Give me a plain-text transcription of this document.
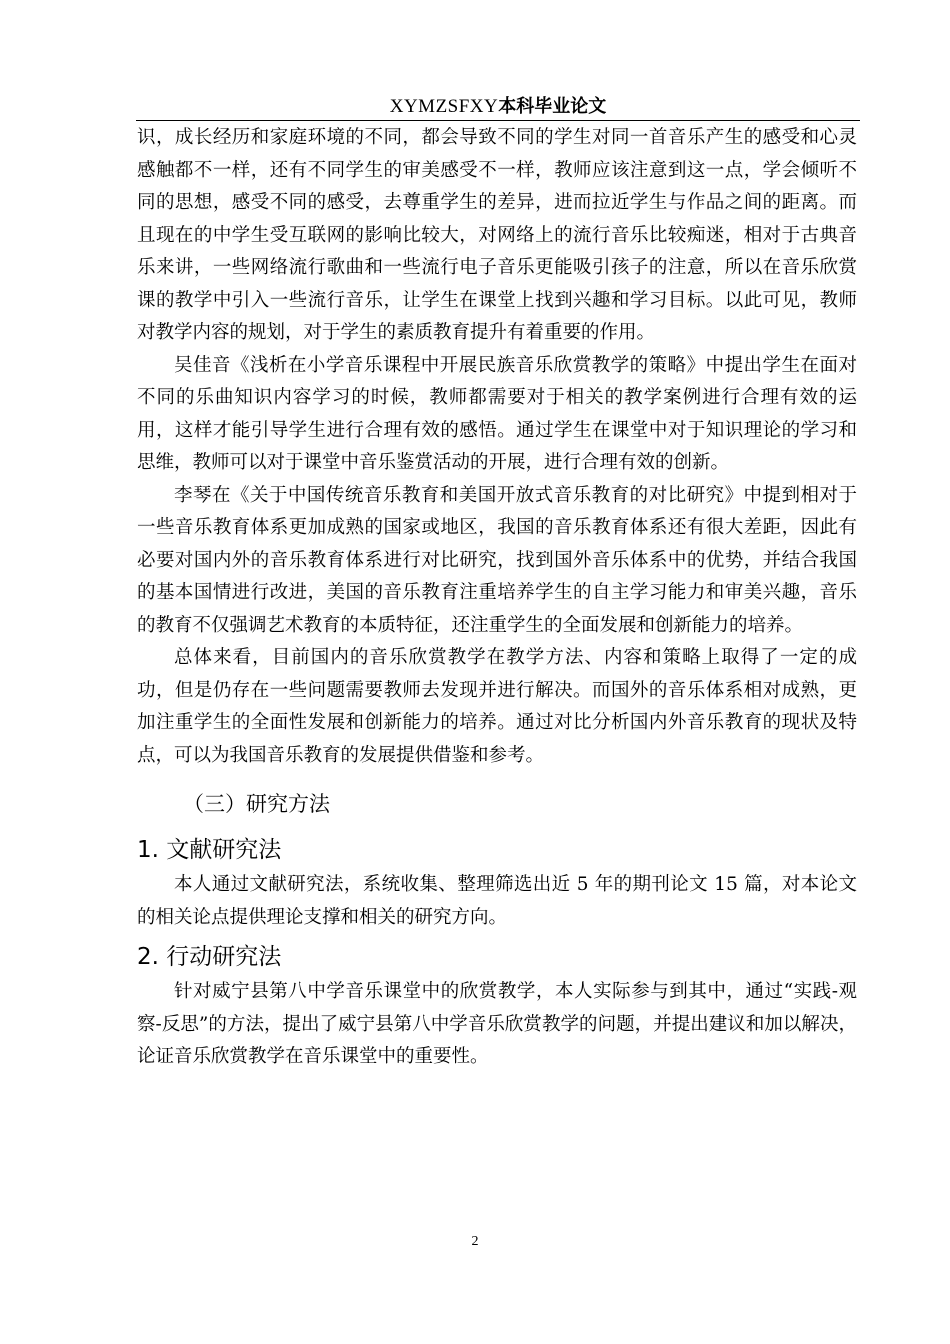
XYMZSFXY本科毕业论文

识，成长经历和家庭环境的不同，都会导致不同的学生对同一首音乐产生的感受和心灵感触都不一样，还有不同学生的审美感受不一样，教师应该注意到这一点，学会倾听不同的思想，感受不同的感受，去尊重学生的差异，进而拉近学生与作品之间的距离。而且现在的中学生受互联网的影响比较大，对网络上的流行音乐比较痴迷，相对于古典音乐来讲，一些网络流行歌曲和一些流行电子音乐更能吸引孩子的注意，所以在音乐欣赏课的教学中引入一些流行音乐，让学生在课堂上找到兴趣和学习目标。以此可见，教师对教学内容的规划，对于学生的素质教育提升有着重要的作用。

吴佳音《浅析在小学音乐课程中开展民族音乐欣赏教学的策略》中提出学生在面对不同的乐曲知识内容学习的时候，教师都需要对于相关的教学案例进行合理有效的运用，这样才能引导学生进行合理有效的感悟。通过学生在课堂中对于知识理论的学习和思维，教师可以对于课堂中音乐鉴赏活动的开展，进行合理有效的创新。

李琴在《关于中国传统音乐教育和美国开放式音乐教育的对比研究》中提到相对于一些音乐教育体系更加成熟的国家或地区，我国的音乐教育体系还有很大差距，因此有必要对国内外的音乐教育体系进行对比研究，找到国外音乐体系中的优势，并结合我国的基本国情进行改进，美国的音乐教育注重培养学生的自主学习能力和审美兴趣，音乐的教育不仅强调艺术教育的本质特征，还注重学生的全面发展和创新能力的培养。

总体来看，目前国内的音乐欣赏教学在教学方法、内容和策略上取得了一定的成功，但是仍存在一些问题需要教师去发现并进行解决。而国外的音乐体系相对成熟，更加注重学生的全面性发展和创新能力的培养。通过对比分析国内外音乐教育的现状及特点，可以为我国音乐教育的发展提供借鉴和参考。

（三）研究方法
1. 文献研究法

本人通过文献研究法，系统收集、整理筛选出近 5 年的期刊论文 15 篇，对本论文的相关论点提供理论支撑和相关的研究方向。

2. 行动研究法

针对威宁县第八中学音乐课堂中的欣赏教学，本人实际参与到其中，通过“实践-观察-反思”的方法，提出了威宁县第八中学音乐欣赏教学的问题，并提出建议和加以解决，论证音乐欣赏教学在音乐课堂中的重要性。

2
